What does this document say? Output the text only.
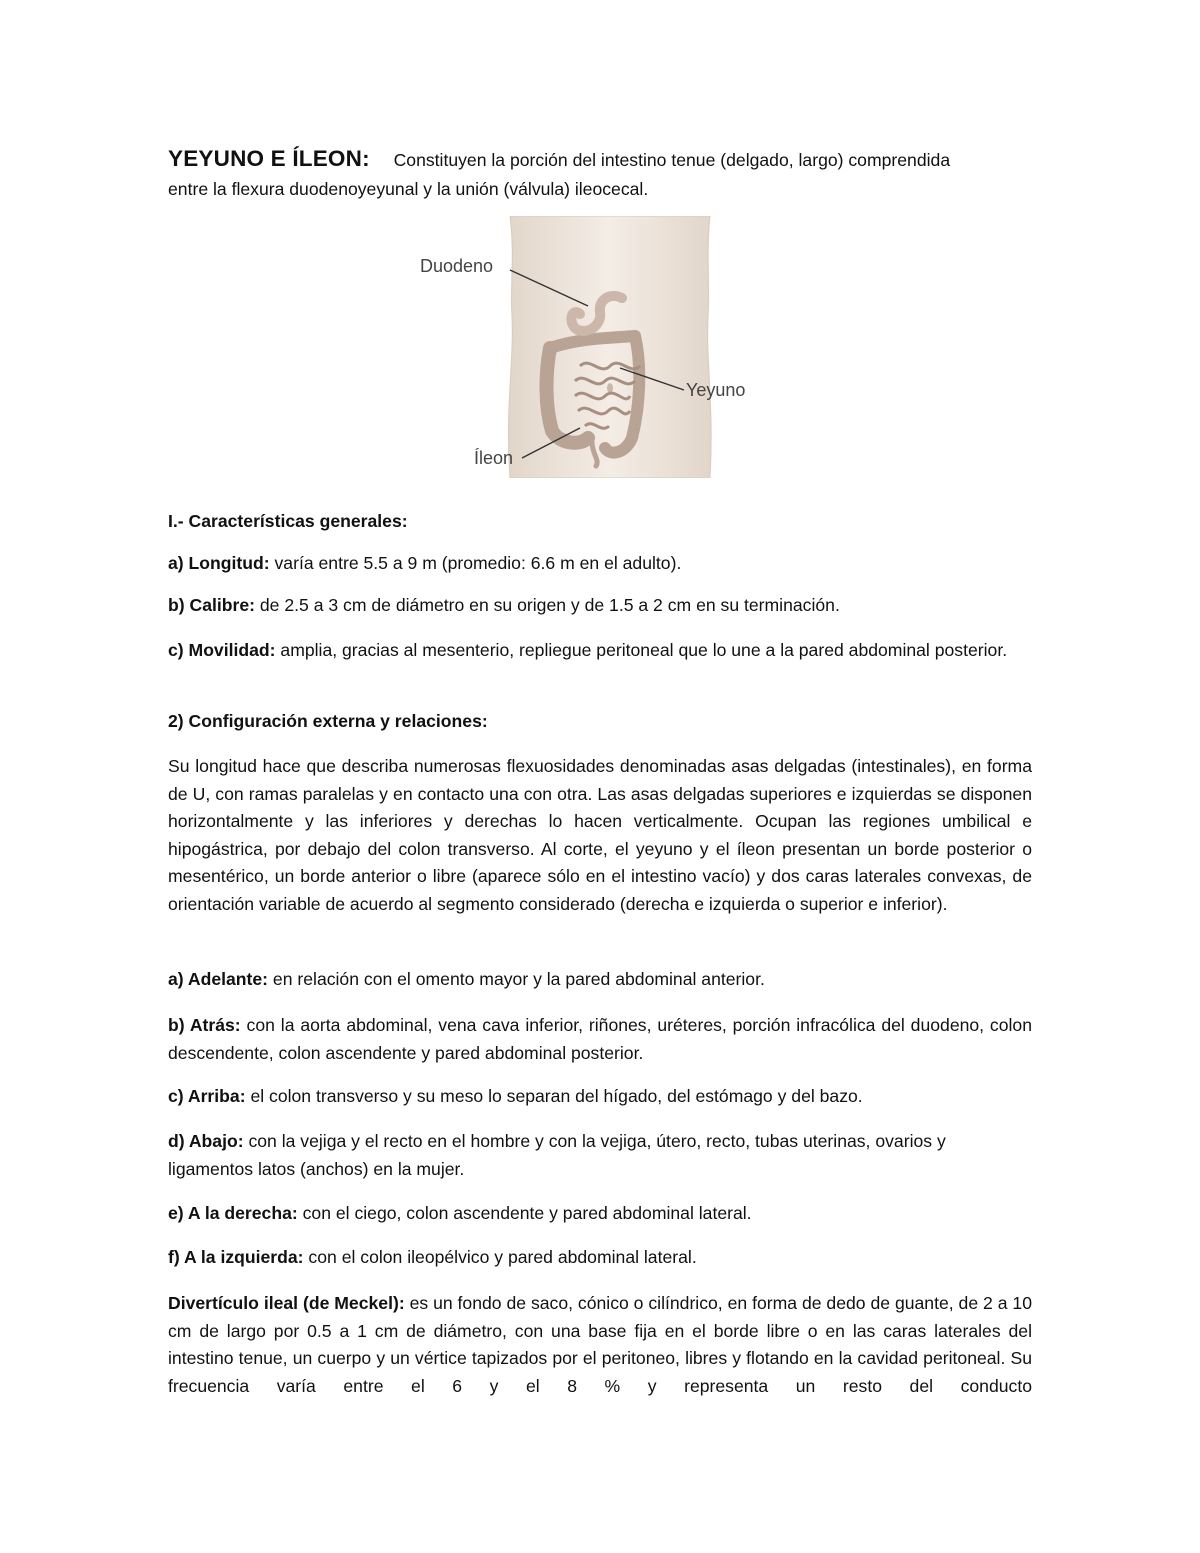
YEYUNO E ÍLEON: Constituyen la porción del intestino tenue (delgado, largo) comprendida
entre la flexura duodenoyeyunal y la unión (válvula) ileocecal.
Duodeno
Yeyuno
Íleon
I.- Características generales:
a) Longitud: varía entre 5.5 a 9 m (promedio: 6.6 m en el adulto).
b) Calibre: de 2.5 a 3 cm de diámetro en su origen y de 1.5 a 2 cm en su terminación.
c) Movilidad: amplia, gracias al mesenterio, repliegue peritoneal que lo une a la pared abdominal posterior.
2) Configuración externa y relaciones:
Su longitud hace que describa numerosas flexuosidades denominadas asas delgadas (intestinales), en forma de U, con ramas paralelas y en contacto una con otra. Las asas delgadas superiores e izquierdas se disponen horizontalmente y las inferiores y derechas lo hacen verticalmente. Ocupan las regiones umbilical e hipogástrica, por debajo del colon transverso. Al corte, el yeyuno y el íleon presentan un borde posterior o mesentérico, un borde anterior o libre (aparece sólo en el intestino vacío) y dos caras laterales convexas, de orientación variable de acuerdo al segmento considerado (derecha e izquierda o superior e inferior).
a) Adelante: en relación con el omento mayor y la pared abdominal anterior.
b) Atrás: con la aorta abdominal, vena cava inferior, riñones, uréteres, porción infracólica del duodeno, colon descendente, colon ascendente y pared abdominal posterior.
c) Arriba: el colon transverso y su meso lo separan del hígado, del estómago y del bazo.
d) Abajo: con la vejiga y el recto en el hombre y con la vejiga, útero, recto, tubas uterinas, ovarios y ligamentos latos (anchos) en la mujer.
e) A la derecha: con el ciego, colon ascendente y pared abdominal lateral.
f) A la izquierda: con el colon ileopélvico y pared abdominal lateral.
Divertículo ileal (de Meckel): es un fondo de saco, cónico o cilíndrico, en forma de dedo de guante, de 2 a 10 cm de largo por 0.5 a 1 cm de diámetro, con una base fija en el borde libre o en las caras laterales del intestino tenue, un cuerpo y un vértice tapizados por el peritoneo, libres y flotando en la cavidad peritoneal. Su frecuencia varía entre el 6 y el 8 % y representa un resto del conducto
